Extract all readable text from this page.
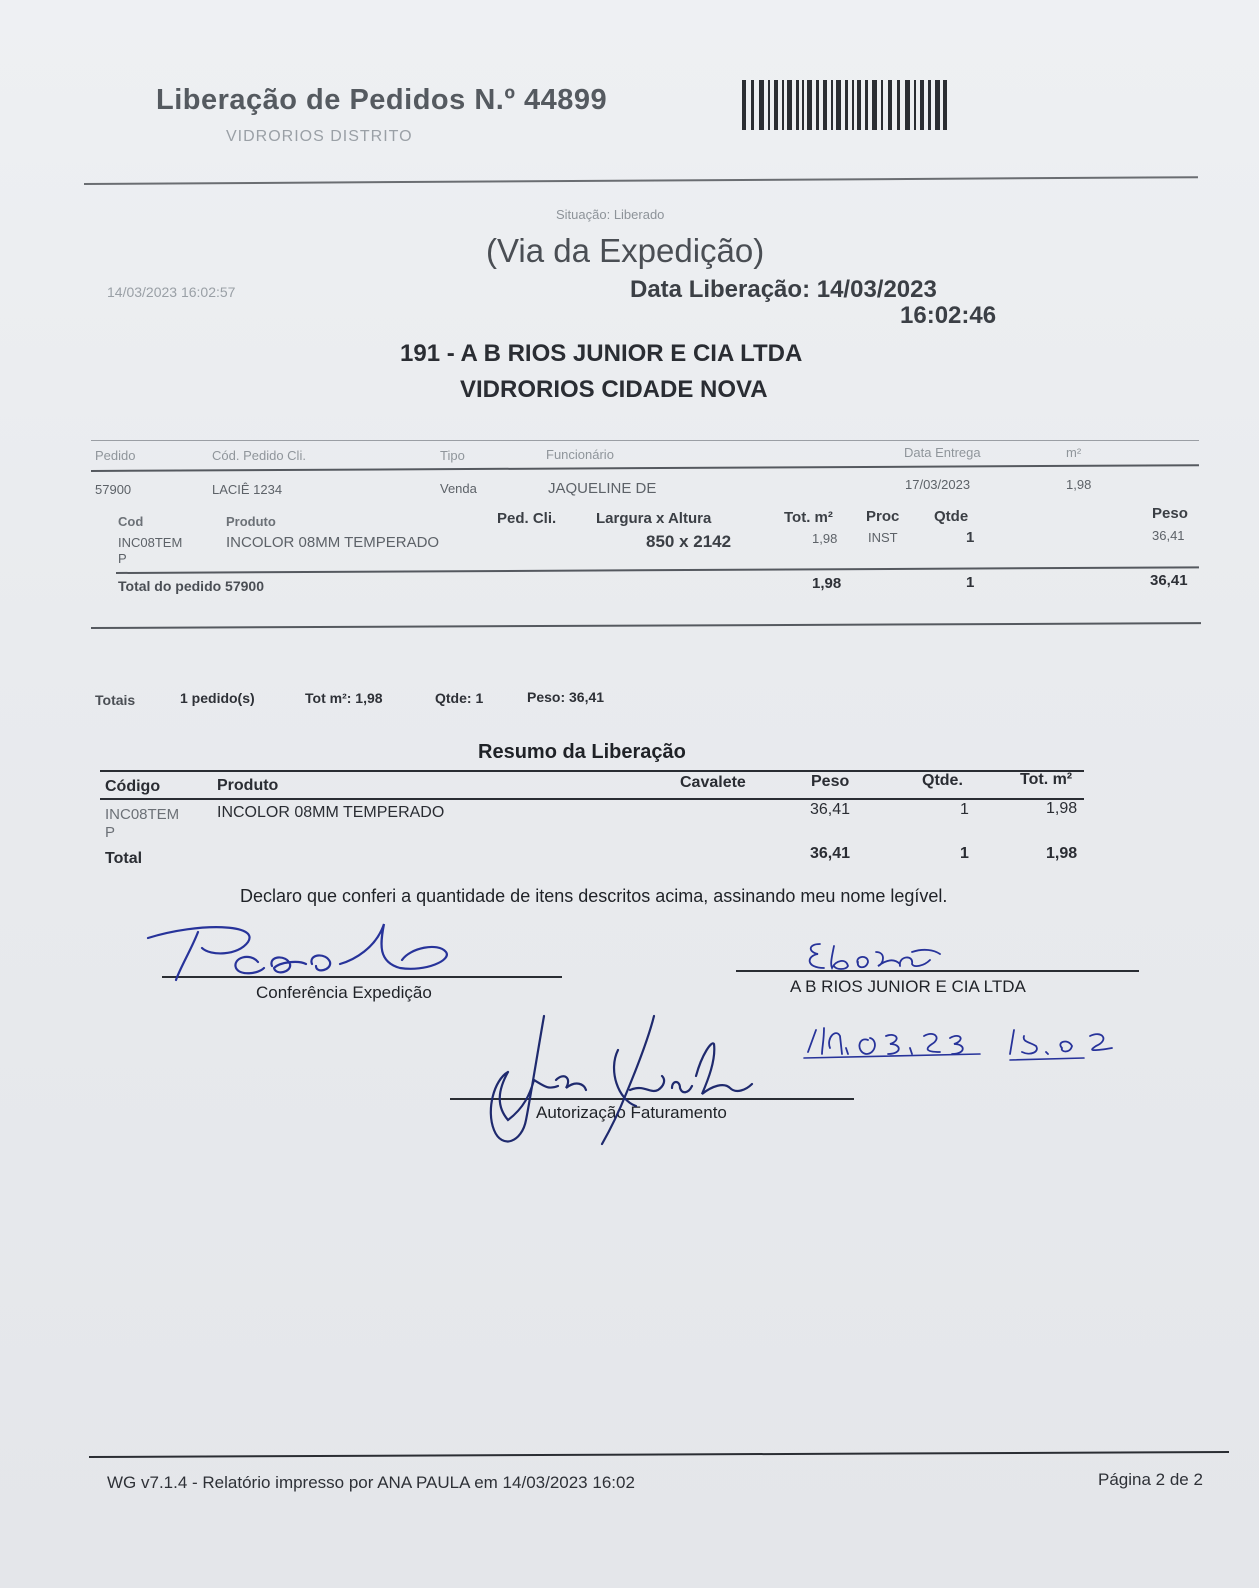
Liberação de Pedidos N.º 44899
VIDRORIOS DISTRITO
Situação: Liberado
(Via da Expedição)
14/03/2023 16:02:57	Data Liberação: 14/03/2023
16:02:46
191 - A B RIOS JUNIOR E CIA LTDA
VIDRORIOS CIDADE NOVA
Pedido	Cód. Pedido Cli.	Tipo	Funcionário	Data Entrega	m²
57900	LACIÊ 1234	Venda	JAQUELINE DE	17/03/2023	1,98
Cod	Produto	Ped. Cli.	Largura x Altura	Tot. m² Proc Qtde	Peso
INC08TEM
P
INCOLOR 08MM TEMPERADO	850 x 2142	1,98 INST	1	36,41
Total do pedido 57900	1,98	1	36,41
Totais	1 pedido(s)	Tot m²: 1,98	Qtde: 1	Peso: 36,41
Resumo da Liberação
Código	Produto	Cavalete	Peso	Qtde.	Tot. m²
INC08TEM
P
INCOLOR 08MM TEMPERADO	36,41	1	1,98
Total	36,41	1	1,98
Declaro que conferi a quantidade de itens descritos acima, assinando meu nome legível.
Conferência Expedição	A B RIOS JUNIOR E CIA LTDA
Autorização Faturamento
WG v7.1.4 - Relatório impresso por ANA PAULA em 14/03/2023 16:02	Página 2 de 2
